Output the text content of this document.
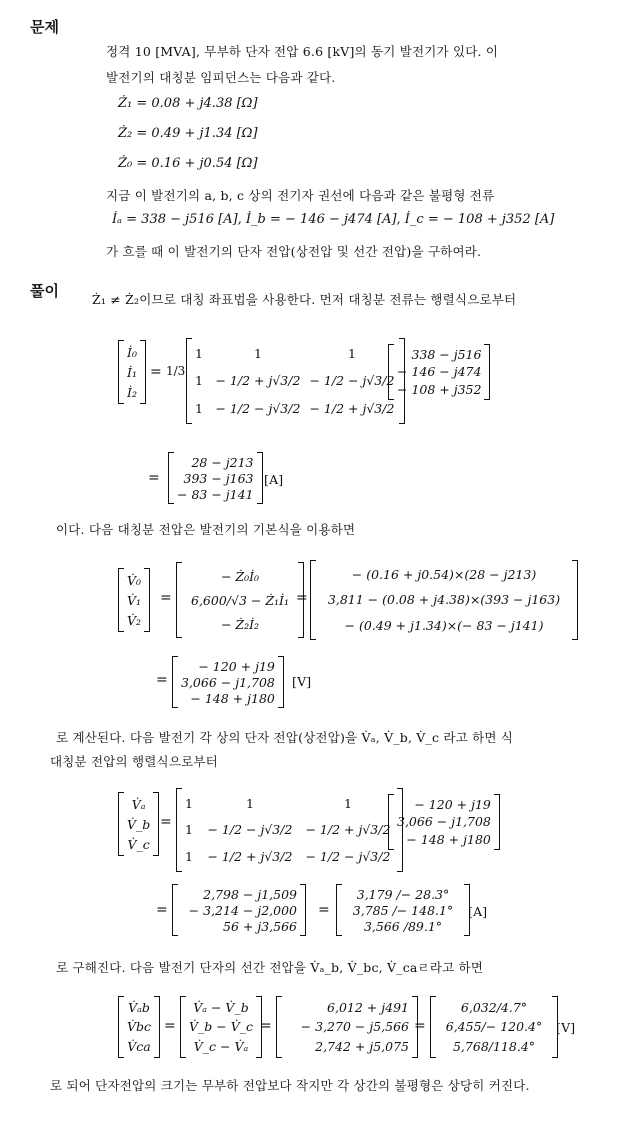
문제
정격 10 [MVA], 무부하 단자 전압 6.6 [kV]의 동기 발전기가 있다. 이
발전기의 대칭분 임피던스는 다음과 같다.
Ż₁ = 0.08 + j4.38 [Ω]
Ż₂ = 0.49 + j1.34 [Ω]
Ż₀ = 0.16 + j0.54 [Ω]
지금 이 발전기의 a, b, c 상의 전기자 권선에 다음과 같은 불평형 전류
İₐ = 338 − j516 [A], İ_b = − 146 − j474 [A], İ_c = − 108 + j352 [A]
가 흐를 때 이 발전기의 단자 전압(상전압 및 선간 전압)을 구하여라.
풀이	Ż₁ ≠ Ż₂이므로 대칭 좌표법을 사용한다. 먼저 대칭분 전류는 행렬식으로부터
İ₀
İ₁
İ₂
= 1/3
1
1
1
1
− 1/2 + j√3/2
− 1/2 − j√3/2
1
− 1/2 − j√3/2
− 1/2 + j√3/2
338 − j516
− 146 − j474
− 108 + j352
=
28 − j213
393 − j163
− 83 − j141
[A]
이다. 다음 대칭분 전압은 발전기의 기본식을 이용하면
V̇₀
V̇₁
V̇₂
=
− Ż₀İ₀
6,600/√3 − Ż₁İ₁
− Ż₂İ₂
=
− (0.16 + j0.54)×(28 − j213)
3,811 − (0.08 + j4.38)×(393 − j163)
− (0.49 + j1.34)×(− 83 − j141)
=
− 120 + j19
3,066 − j1,708
− 148 + j180
[V]
로 계산된다. 다음 발전기 각 상의 단자 전압(상전압)을 V̇ₐ, V̇_b, V̇_c 라고 하면 식
대칭분 전압의 행렬식으로부터
V̇ₐ
V̇_b
V̇_c
=
1
1
1
1
− 1/2 − j√3/2
− 1/2 + j√3/2
1
− 1/2 + j√3/2
− 1/2 − j√3/2
− 120 + j19
3,066 − j1,708
− 148 + j180
=
2,798 − j1,509
− 3,214 − j2,000
56 + j3,566
=
3,179 /− 28.3°
3,785 /− 148.1°
3,566 /89.1°
[A]
로 구해진다. 다음 발전기 단자의 선간 전압을 V̇ₐ_b, V̇_bc, V̇_caㄹ라고 하면
V̇ₐb
V̇bc
V̇ca
=
V̇ₐ − V̇_b
V̇_b − V̇_c
V̇_c − V̇ₐ
=
6,012 + j491
− 3,270 − j5,566
2,742 + j5,075
=
6,032/4.7°
6,455/− 120.4°
5,768/118.4°
[V]
로 되어 단자전압의 크기는 무부하 전압보다 작지만 각 상간의 불평형은 상당히 커진다.
